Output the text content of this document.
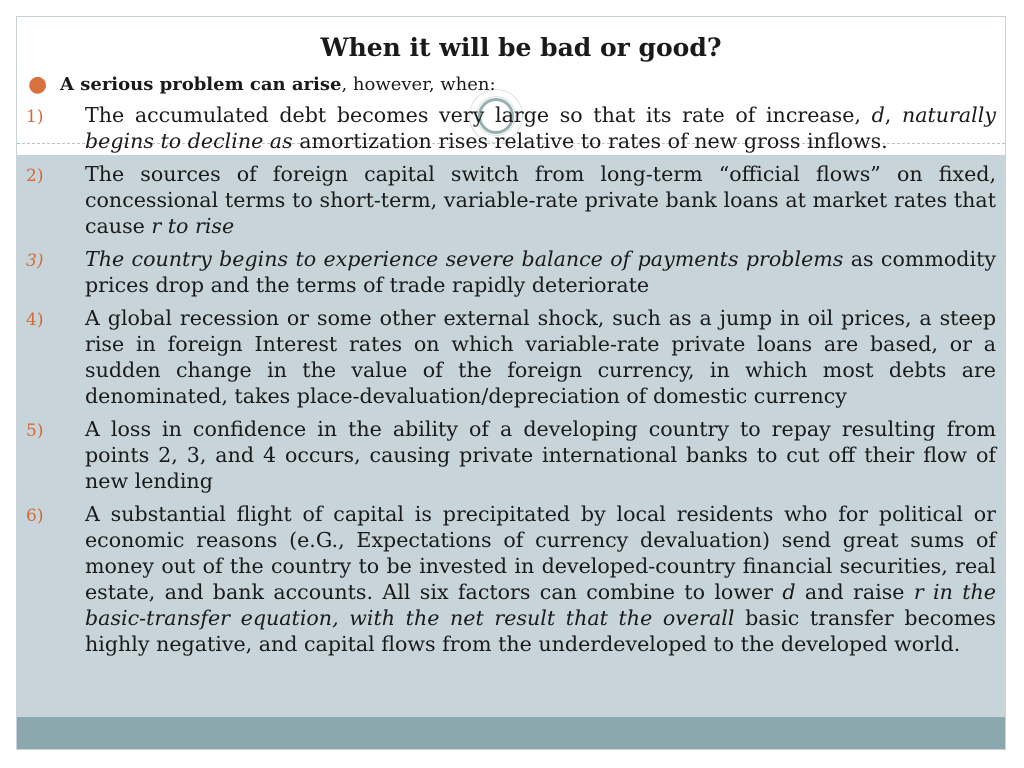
When it will be bad or good?
● A serious problem can arise, however, when:
1)	The accumulated debt becomes very large so that its rate of increase, d, naturally begins to decline as amortization rises relative to rates of new gross inflows.
2)	The sources of foreign capital switch from long-term “official flows” on fixed, concessional terms to short-term, variable-rate private bank loans at market rates that cause r to rise
3)	The country begins to experience severe balance of payments problems as commodity prices drop and the terms of trade rapidly deteriorate
4)	A global recession or some other external shock, such as a jump in oil prices, a steep rise in foreign Interest rates on which variable-rate private loans are based, or a sudden change in the value of the foreign currency, in which most debts are denominated, takes place-devaluation/depreciation of domestic currency
5)	A loss in confidence in the ability of a developing country to repay resulting from points 2, 3, and 4 occurs, causing private international banks to cut off their flow of new lending
6)	A substantial flight of capital is precipitated by local residents who for political or economic reasons (e.G., Expectations of currency devaluation) send great sums of money out of the country to be invested in developed-country financial securities, real estate, and bank accounts. All six factors can combine to lower d and raise r in the basic-transfer equation, with the net result that the overall basic transfer becomes highly negative, and capital flows from the underdeveloped to the developed world.
